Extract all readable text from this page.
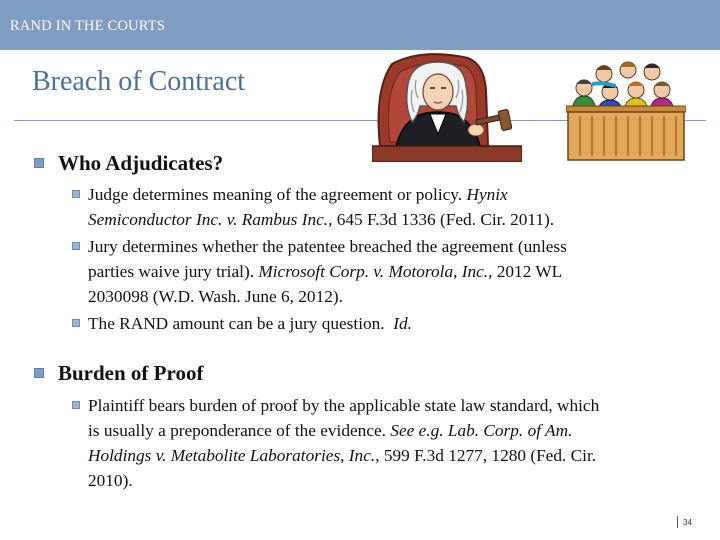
RAND IN THE COURTS
Breach of Contract
Who Adjudicates?
Judge determines meaning of the agreement or policy. Hynix
Semiconductor Inc. v. Rambus Inc., 645 F.3d 1336 (Fed. Cir. 2011).
Jury determines whether the patentee breached the agreement (unless
parties waive jury trial). Microsoft Corp. v. Motorola, Inc., 2012 WL
2030098 (W.D. Wash. June 6, 2012).
The RAND amount can be a jury question.  Id.
Burden of Proof
Plaintiff bears burden of proof by the applicable state law standard, which
is usually a preponderance of the evidence. See e.g. Lab. Corp. of Am.
Holdings v. Metabolite Laboratories, Inc., 599 F.3d 1277, 1280 (Fed. Cir.
2010).
34
